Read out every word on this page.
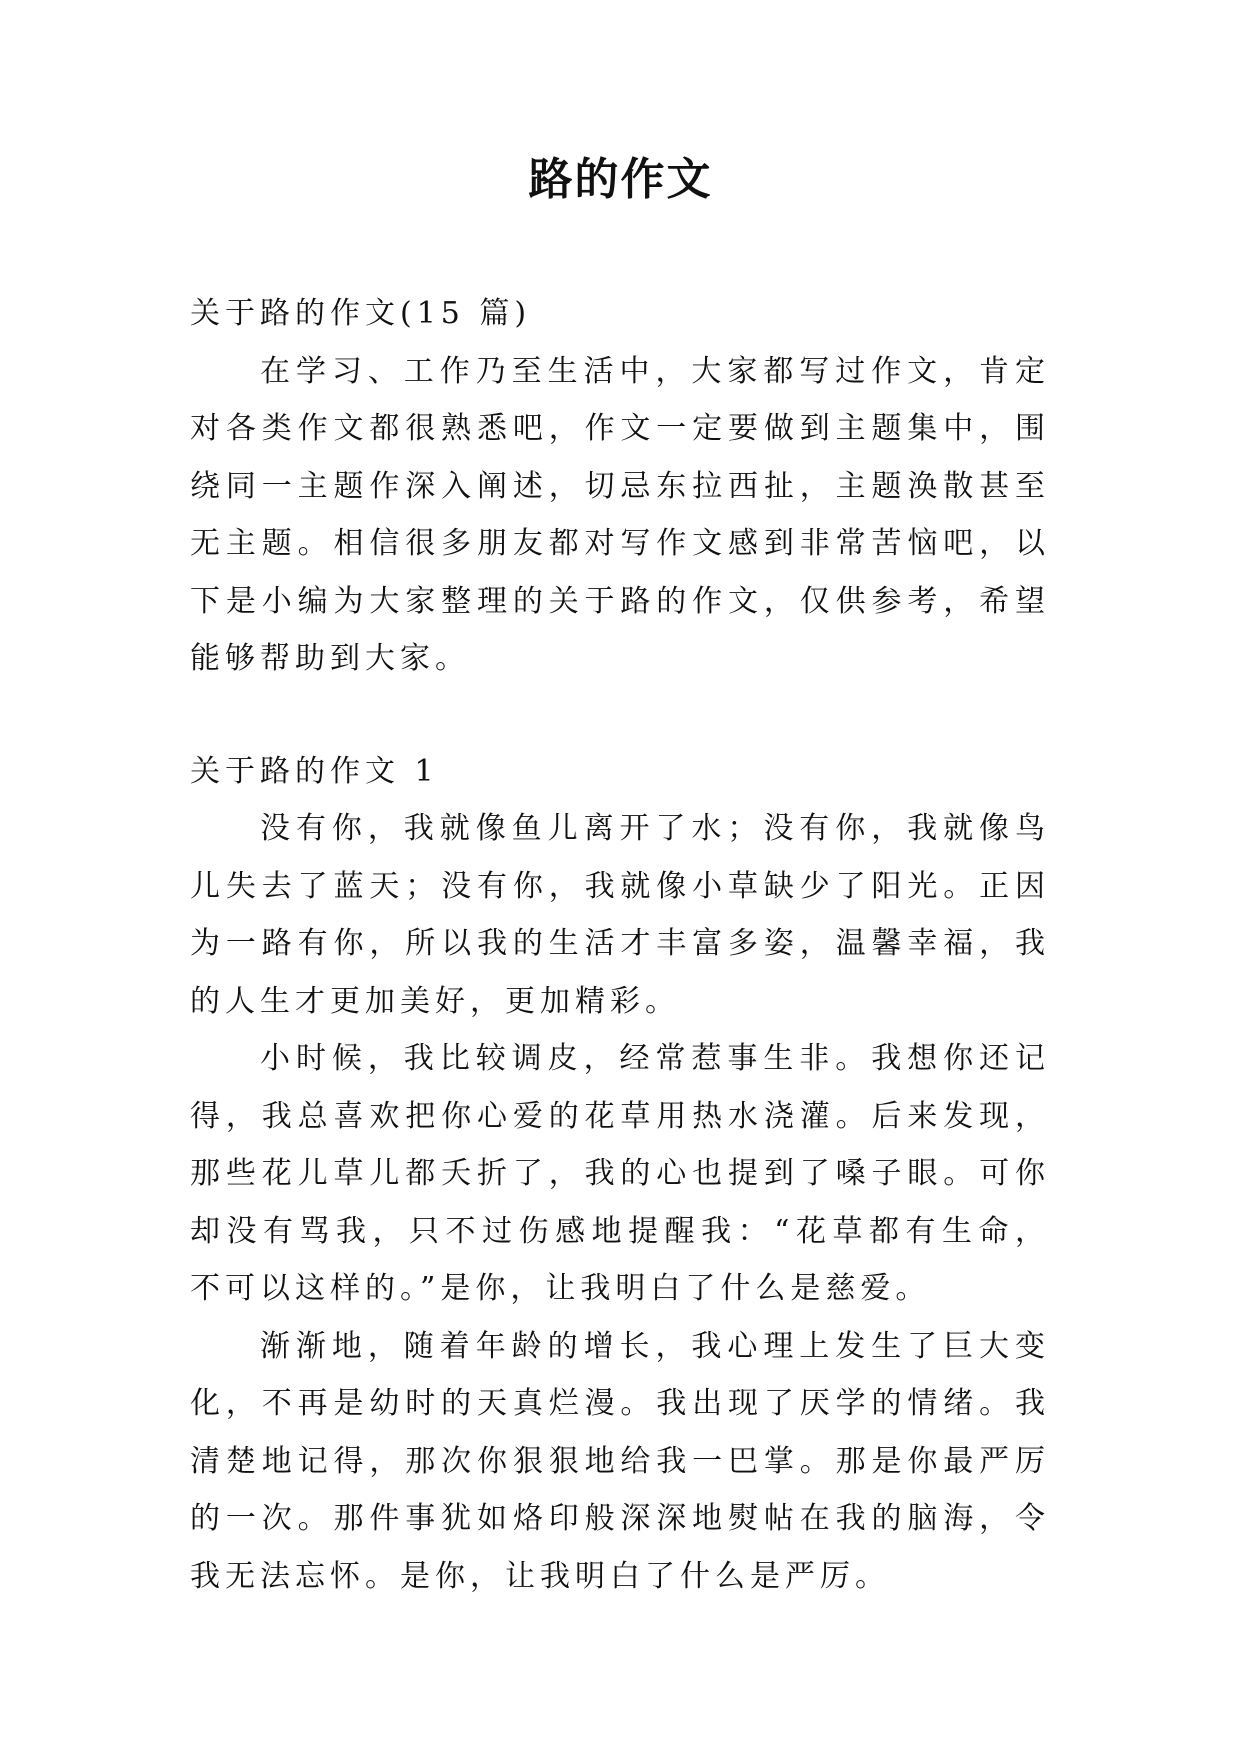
路的作文

关于路的作文(15 篇)

在学习、工作乃至生活中，大家都写过作文，肯定对各类作文都很熟悉吧，作文一定要做到主题集中，围绕同一主题作深入阐述，切忌东拉西扯，主题涣散甚至无主题。相信很多朋友都对写作文感到非常苦恼吧，以下是小编为大家整理的关于路的作文，仅供参考，希望能够帮助到大家。

关于路的作文 1

没有你，我就像鱼儿离开了水；没有你，我就像鸟儿失去了蓝天；没有你，我就像小草缺少了阳光。正因为一路有你，所以我的生活才丰富多姿，温馨幸福，我的人生才更加美好，更加精彩。

小时候，我比较调皮，经常惹事生非。我想你还记得，我总喜欢把你心爱的花草用热水浇灌。后来发现，那些花儿草儿都夭折了，我的心也提到了嗓子眼。可你却没有骂我，只不过伤感地提醒我：“花草都有生命，不可以这样的。”是你，让我明白了什么是慈爱。

渐渐地，随着年龄的增长，我心理上发生了巨大变化，不再是幼时的天真烂漫。我出现了厌学的情绪。我清楚地记得，那次你狠狠地给我一巴掌。那是你最严厉的一次。那件事犹如烙印般深深地熨帖在我的脑海，令我无法忘怀。是你，让我明白了什么是严厉。
